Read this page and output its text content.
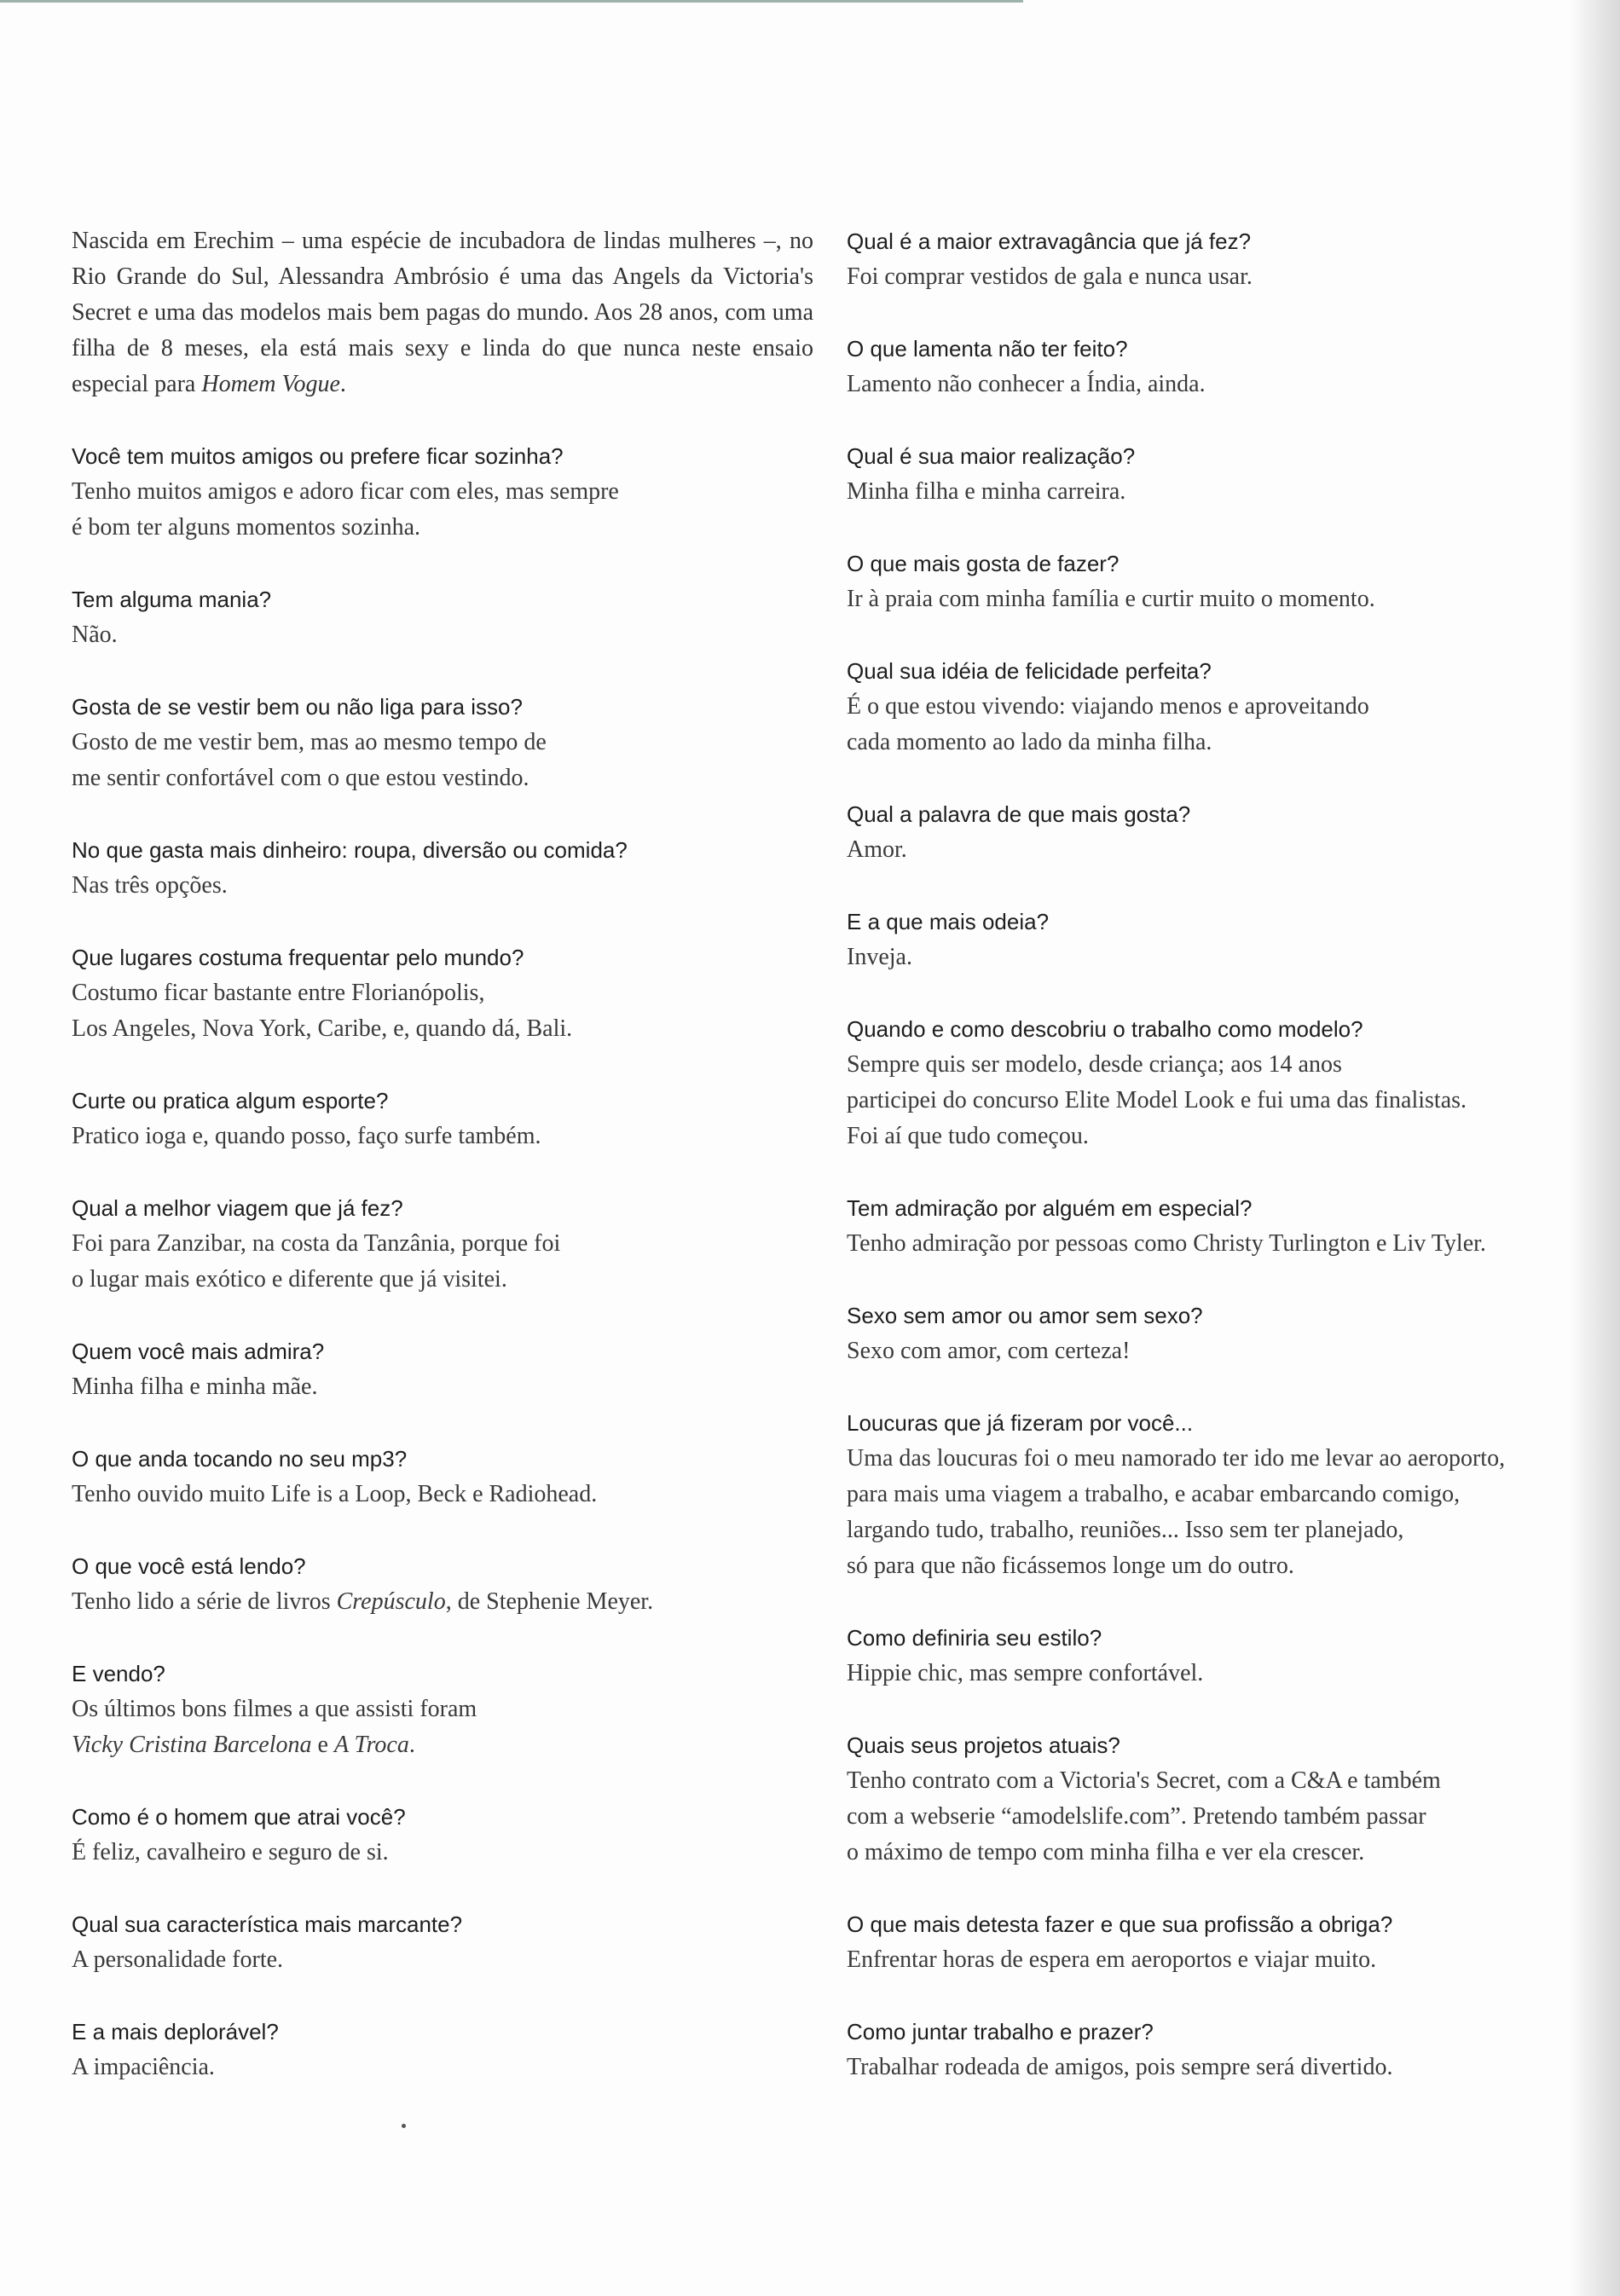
Nascida em Erechim – uma espécie de incubadora de lindas mulheres –, no Rio Grande do Sul, Alessandra Ambrósio é uma das Angels da Victoria's Secret e uma das modelos mais bem pagas do mundo. Aos 28 anos, com uma filha de 8 meses, ela está mais sexy e linda do que nunca neste ensaio especial para Homem Vogue.

Você tem muitos amigos ou prefere ficar sozinha?
Tenho muitos amigos e adoro ficar com eles, mas sempre
é bom ter alguns momentos sozinha.
Tem alguma mania?
Não.
Gosta de se vestir bem ou não liga para isso?
Gosto de me vestir bem, mas ao mesmo tempo de
me sentir confortável com o que estou vestindo.
No que gasta mais dinheiro: roupa, diversão ou comida?
Nas três opções.
Que lugares costuma frequentar pelo mundo?
Costumo ficar bastante entre Florianópolis,
Los Angeles, Nova York, Caribe, e, quando dá, Bali.
Curte ou pratica algum esporte?
Pratico ioga e, quando posso, faço surfe também.
Qual a melhor viagem que já fez?
Foi para Zanzibar, na costa da Tanzânia, porque foi
o lugar mais exótico e diferente que já visitei.
Quem você mais admira?
Minha filha e minha mãe.
O que anda tocando no seu mp3?
Tenho ouvido muito Life is a Loop, Beck e Radiohead.
O que você está lendo?
Tenho lido a série de livros Crepúsculo, de Stephenie Meyer.
E vendo?
Os últimos bons filmes a que assisti foram
Vicky Cristina Barcelona e A Troca.
Como é o homem que atrai você?
É feliz, cavalheiro e seguro de si.
Qual sua característica mais marcante?
A personalidade forte.
E a mais deplorável?
A impaciência.
Qual é a maior extravagância que já fez?
Foi comprar vestidos de gala e nunca usar.
O que lamenta não ter feito?
Lamento não conhecer a Índia, ainda.
Qual é sua maior realização?
Minha filha e minha carreira.
O que mais gosta de fazer?
Ir à praia com minha família e curtir muito o momento.
Qual sua idéia de felicidade perfeita?
É o que estou vivendo: viajando menos e aproveitando
cada momento ao lado da minha filha.
Qual a palavra de que mais gosta?
Amor.
E a que mais odeia?
Inveja.
Quando e como descobriu o trabalho como modelo?
Sempre quis ser modelo, desde criança; aos 14 anos
participei do concurso Elite Model Look e fui uma das finalistas.
Foi aí que tudo começou.
Tem admiração por alguém em especial?
Tenho admiração por pessoas como Christy Turlington e Liv Tyler.
Sexo sem amor ou amor sem sexo?
Sexo com amor, com certeza!
Loucuras que já fizeram por você...
Uma das loucuras foi o meu namorado ter ido me levar ao aeroporto,
para mais uma viagem a trabalho, e acabar embarcando comigo,
largando tudo, trabalho, reuniões... Isso sem ter planejado,
só para que não ficássemos longe um do outro.
Como definiria seu estilo?
Hippie chic, mas sempre confortável.
Quais seus projetos atuais?
Tenho contrato com a Victoria's Secret, com a C&A e também
com a webserie “amodelslife.com”. Pretendo também passar
o máximo de tempo com minha filha e ver ela crescer.
O que mais detesta fazer e que sua profissão a obriga?
Enfrentar horas de espera em aeroportos e viajar muito.
Como juntar trabalho e prazer?
Trabalhar rodeada de amigos, pois sempre será divertido.
